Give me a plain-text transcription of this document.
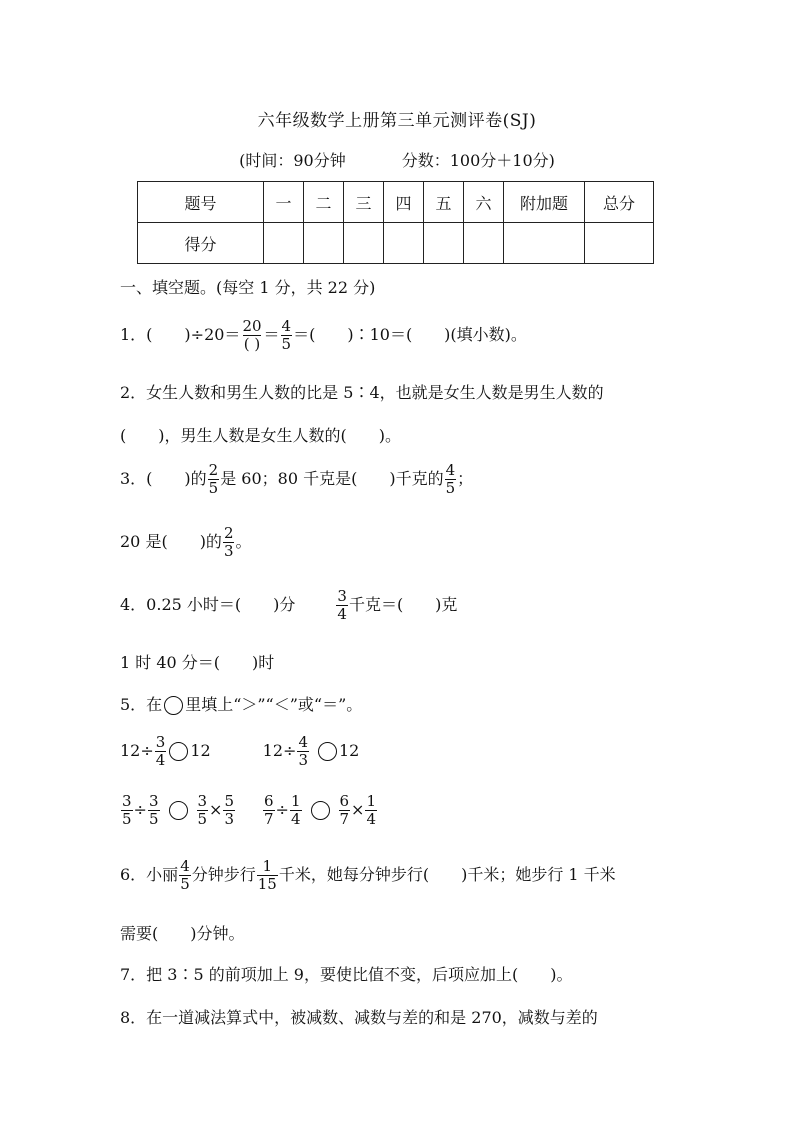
六年级数学上册第三单元测评卷(SJ)
(时间：90分钟	分数：100分＋10分)
题号	一	二	三	四	五	六	附加题	总分
得分								
一、填空题。(每空 1 分，共 22 分)
1．(　　)$\div 20= \frac{20}{( )} = \frac{4}{5}$ ＝(　　)∶10＝(　　)(填小数)。
2．女生人数和男生人数的比是 5∶4，也就是女生人数是男生人数的
(　　)，男生人数是女生人数的(　　)。
3．(　　)的 $\frac{2}{5}$ 是 60；80 千克是(　　)千克的 $\frac{4}{5}$ ；
20 是(　　)的 $\frac{2}{3}$ 。
4．0.25 小时＝(　　)分	$\frac{3}{4}$ 千克＝(　　)克
1 时 40 分＝(　　)时
5．在 里填上“＞”“＜”或“＝”。
$12\div \frac{3}{4} 12$	$12\div \frac{4}{3} 12$
$\frac{3}{5} \div \frac{3}{5} \frac{3}{5} \times \frac{5}{3} \frac{6}{7} \div \frac{1}{4} \frac{6}{7} \times \frac{1}{4}$
6．小丽 $\frac{4}{5}$ 分钟步行 $\frac{1}{15}$ 千米，她每分钟步行(　　)千米；她步行 1 千米
需要(　　)分钟。
7．把 3∶5 的前项加上 9，要使比值不变，后项应加上(　　)。
8．在一道减法算式中，被减数、减数与差的和是 270，减数与差的
